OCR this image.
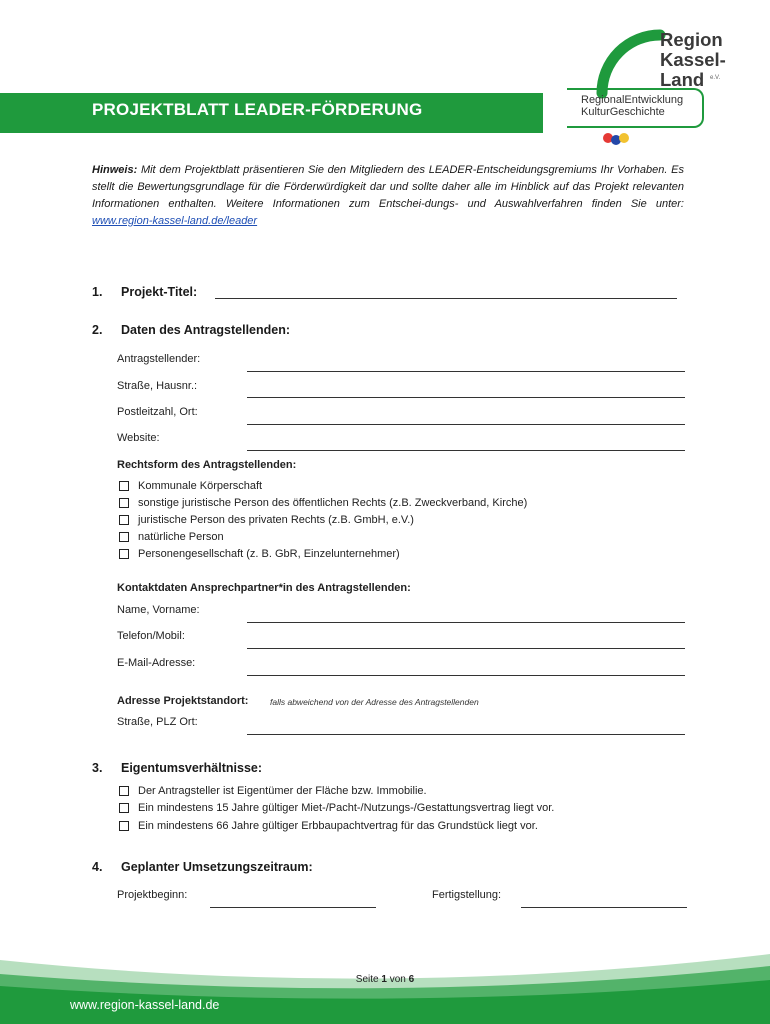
PROJEKTBLATT LEADER-FÖRDERUNG
Region
Kassel-
Land e.V.
RegionalEntwicklung
KulturGeschichte
Hinweis: Mit dem Projektblatt präsentieren Sie den Mitgliedern des LEADER-Entscheidungsgremiums Ihr Vorhaben. Es stellt die Bewertungsgrundlage für die Förderwürdigkeit dar und sollte daher alle im Hinblick auf das Projekt relevanten Informationen enthalten. Weitere Informationen zum Entschei-dungs- und Auswahlverfahren finden Sie unter: www.region-kassel-land.de/leader
1. Projekt-Titel:
2. Daten des Antragstellenden:
Antragstellender:
Straße, Hausnr.:
Postleitzahl, Ort:
Website:
Rechtsform des Antragstellenden:
Kommunale Körperschaft
sonstige juristische Person des öffentlichen Rechts (z.B. Zweckverband, Kirche)
juristische Person des privaten Rechts (z.B. GmbH, e.V.)
natürliche Person
Personengesellschaft (z. B. GbR, Einzelunternehmer)
Kontaktdaten Ansprechpartner*in des Antragstellenden:
Name, Vorname:
Telefon/Mobil:
E-Mail-Adresse:
Adresse Projektstandort:	falls abweichend von der Adresse des Antragstellenden
Straße, PLZ Ort:
3. Eigentumsverhältnisse:
Der Antragsteller ist Eigentümer der Fläche bzw. Immobilie.
Ein mindestens 15 Jahre gültiger Miet-/Pacht-/Nutzungs-/Gestattungsvertrag liegt vor.
Ein mindestens 66 Jahre gültiger Erbbaupachtvertrag für das Grundstück liegt vor.
4. Geplanter Umsetzungszeitraum:
Projektbeginn:	Fertigstellung:
Seite 1 von 6
www.region-kassel-land.de
